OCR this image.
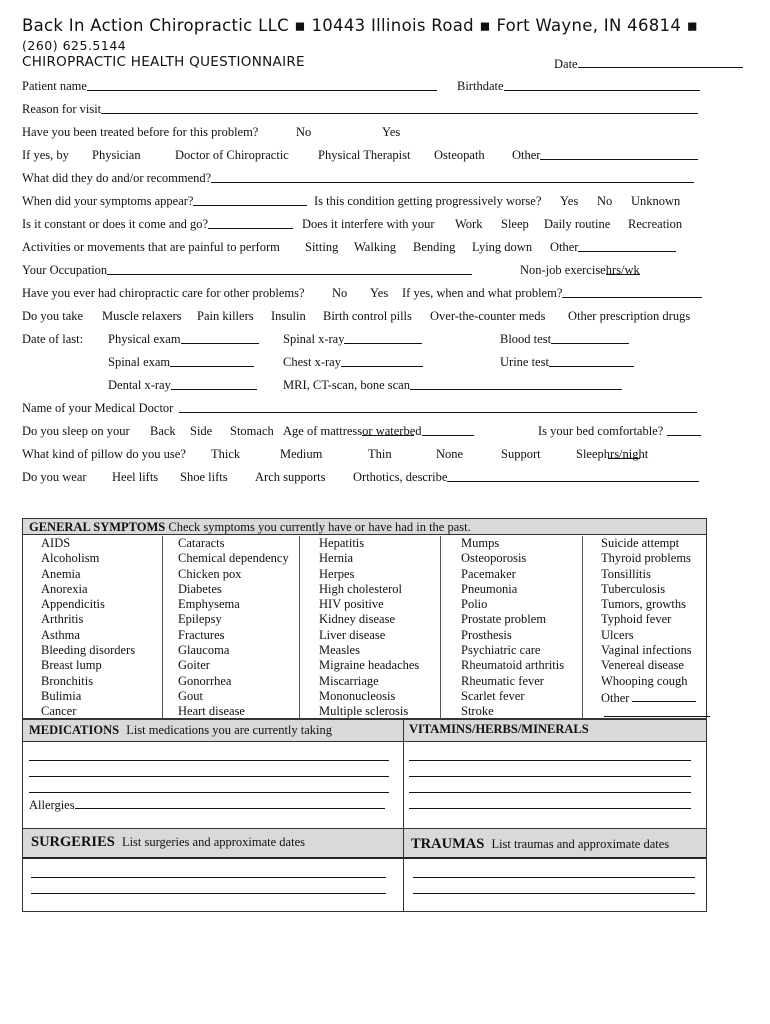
Back In Action Chiropractic LLC ▪ 10443 Illinois Road ▪ Fort Wayne, IN 46814 ▪
(260) 625.5144
CHIROPRACTIC HEALTH QUESTIONNAIRE	Date
Patient name	Birthdate
Reason for visit
Have you been treated before for this problem?	No	Yes
If yes, by Physician	Doctor of Chiropractic Physical Therapist Osteopath Other
What did they do and/or recommend?
When did your symptoms appear?	Is this condition getting progressively worse? Yes No Unknown
Is it constant or does it come and go?	Does it interfere with your Work Sleep Daily routine Recreation
Activities or movements that are painful to perform Sitting Walking Bending Lying down Other
Your Occupation	Non-job exercise
hrs/wk
Have you ever had chiropractic care for other problems? No Yes If yes, when and what problem?
Do you take Muscle relaxers Pain killers Insulin Birth control pills Over-the-counter meds Other prescription drugs
Date of last: Physical exam	Spinal x-ray	Blood test
Spinal exam	Chest x-ray	Urine test
Dental x-ray	MRI, CT-scan, bone scan
Name of your Medical Doctor
Do you sleep on your Back Side Stomach Age of mattress
or waterbed	Is your bed comfortable?
What kind of pillow do you use? Thick	Medium	Thin	None	Support	Sleep
hrs/night
Do you wear Heel lifts Shoe lifts Arch supports Orthotics, describe
GENERAL SYMPTOMS Check symptoms you currently have or have had in the past.
AIDS
Alcoholism
Anemia
Anorexia
Appendicitis
Arthritis
Asthma
Bleeding disorders
Breast lump
Bronchitis
Bulimia
Cancer
Cataracts
Chemical dependency
Chicken pox
Diabetes
Emphysema
Epilepsy
Fractures
Glaucoma
Goiter
Gonorrhea
Gout
Heart disease
Hepatitis
Hernia
Herpes
High cholesterol
HIV positive
Kidney disease
Liver disease
Measles
Migraine headaches
Miscarriage
Mononucleosis
Multiple sclerosis
Mumps
Osteoporosis
Pacemaker
Pneumonia
Polio
Prostate problem
Prosthesis
Psychiatric care
Rheumatoid arthritis
Rheumatic fever
Scarlet fever
Stroke
Suicide attempt
Thyroid problems
Tonsillitis
Tuberculosis
Tumors, growths
Typhoid fever
Ulcers
Vaginal infections
Venereal disease
Whooping cough
Other
MEDICATIONS List medications you are currently taking	VITAMINS/HERBS/MINERALS
Allergies
SURGERIES List surgeries and approximate dates	TRAUMAS List traumas and approximate dates
